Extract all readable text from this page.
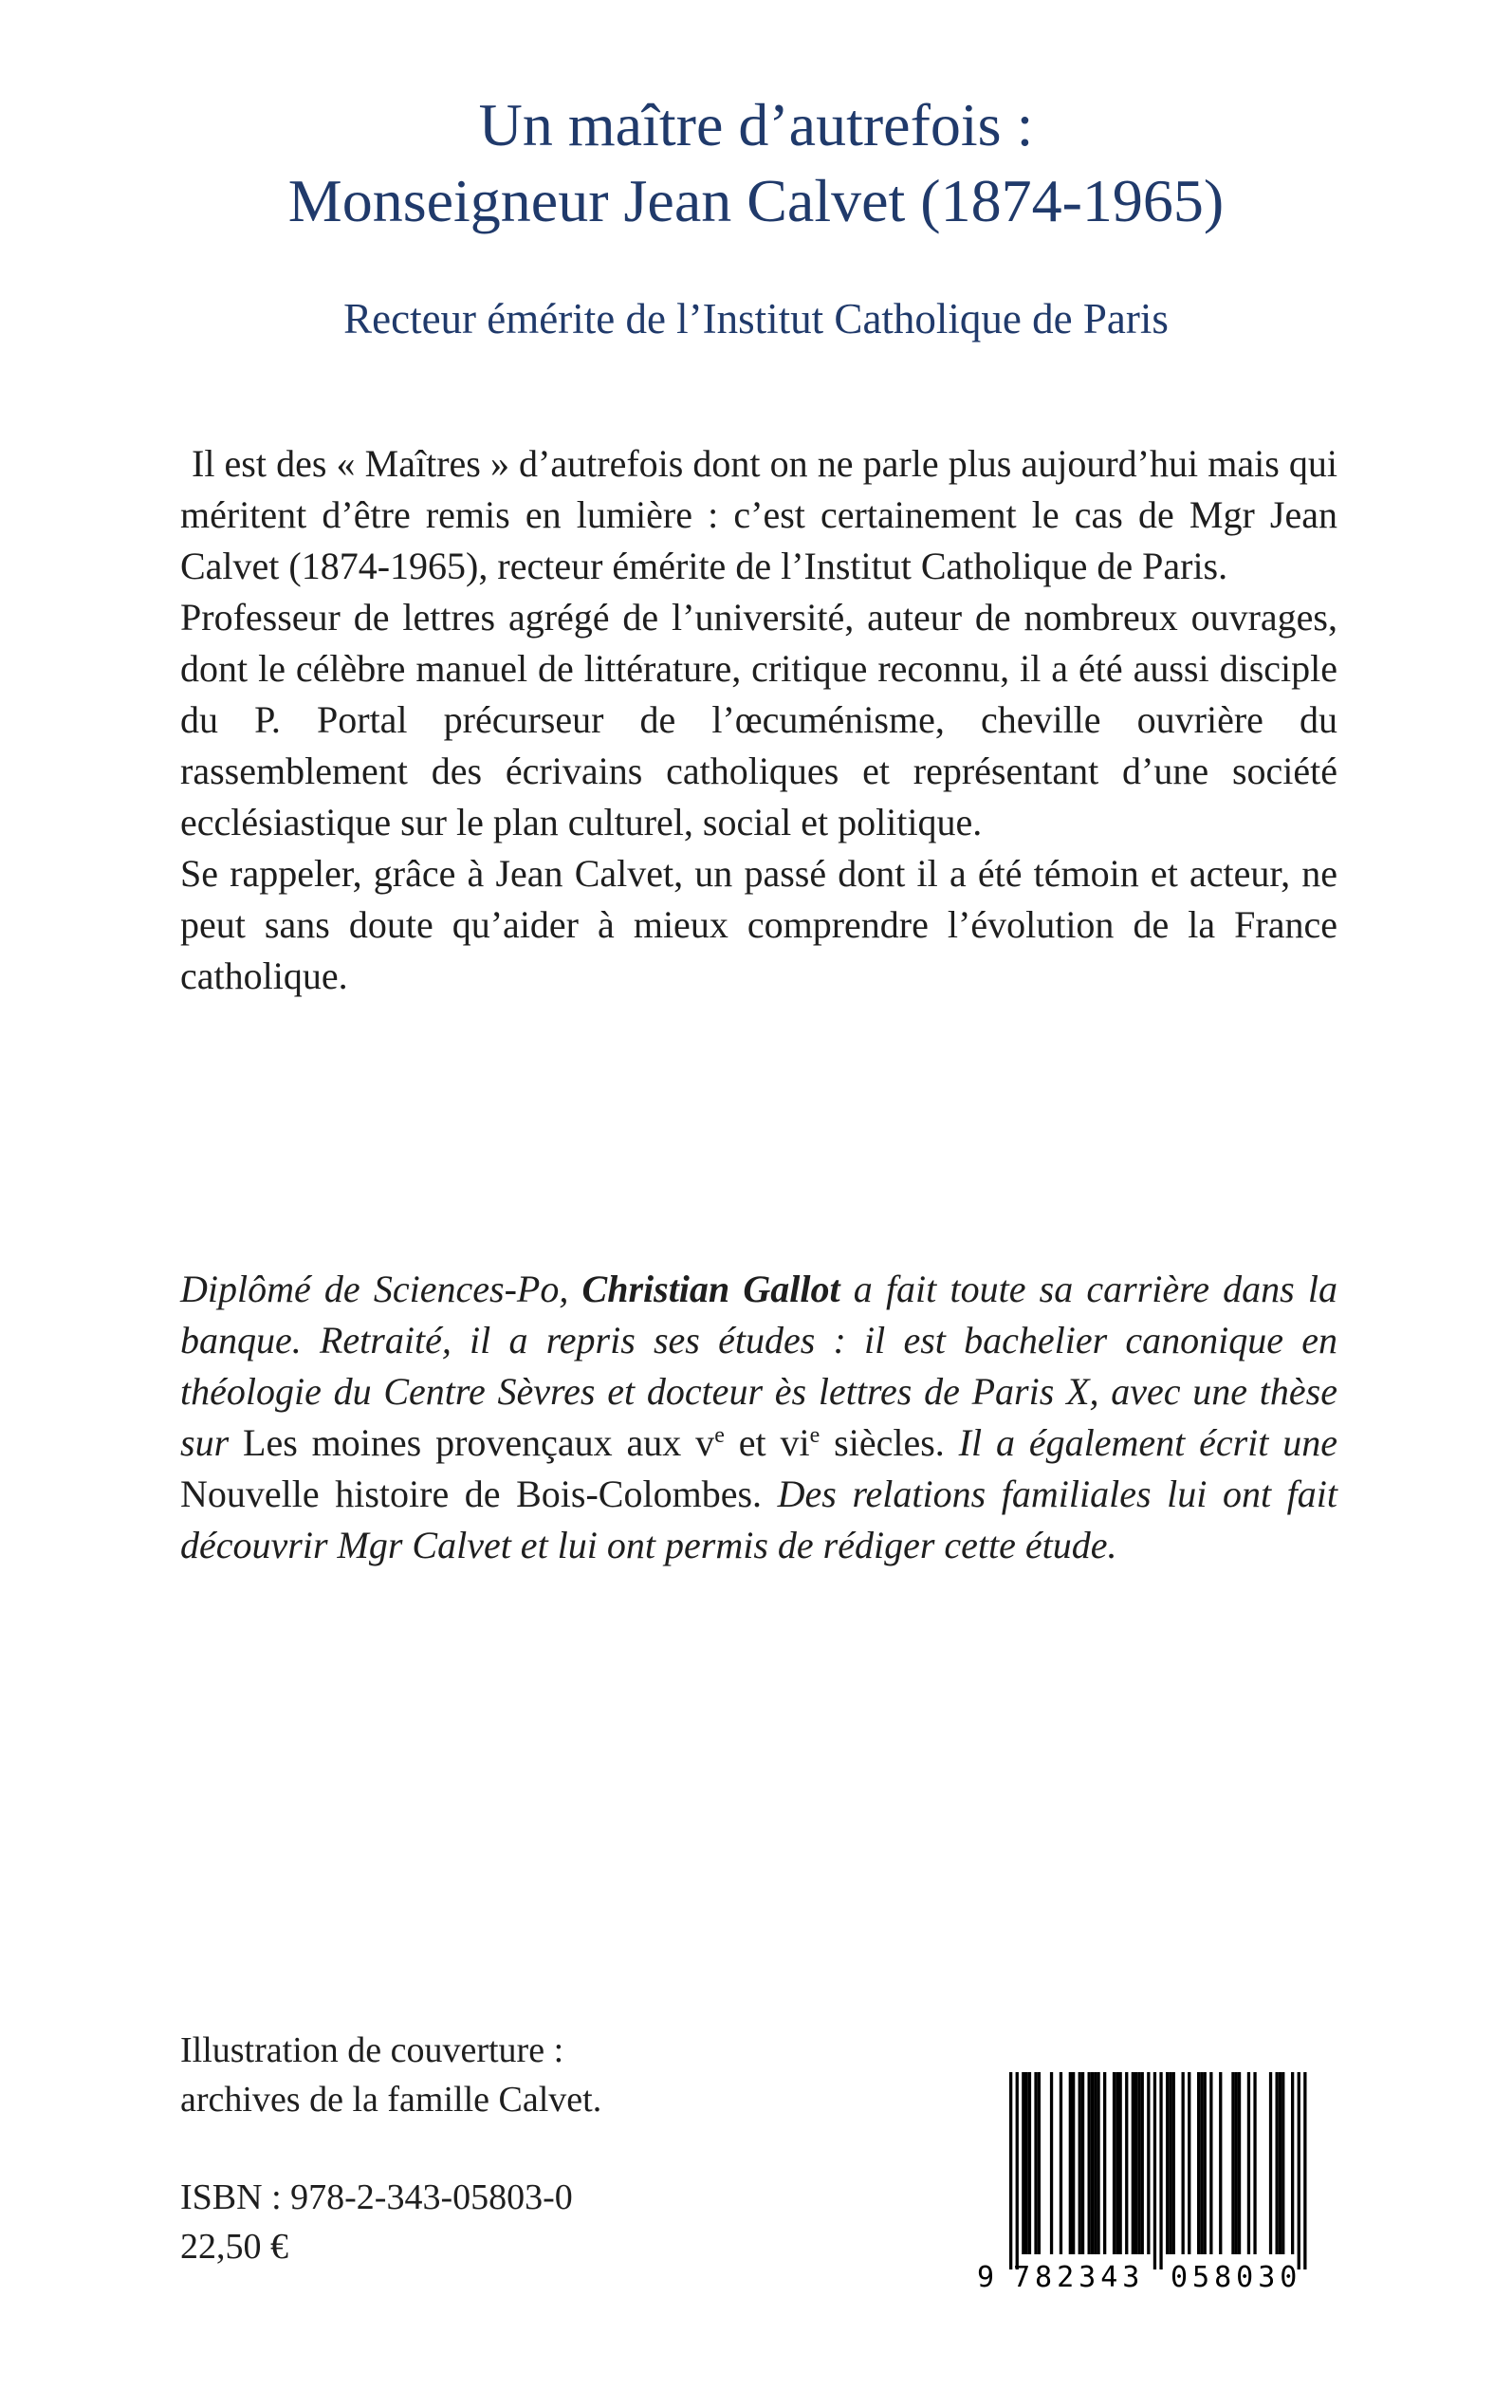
Un maître d’autrefois :
Monseigneur Jean Calvet (1874-1965)
Recteur émérite de l’Institut Catholique de Paris

Il est des « Maîtres » d’autrefois dont on ne parle plus aujourd’hui mais qui méritent d’être remis en lumière : c’est certainement le cas de Mgr Jean Calvet (1874-1965), recteur émérite de l’Institut Catholique de Paris.

Professeur de lettres agrégé de l’université, auteur de nombreux ouvrages, dont le célèbre manuel de littérature, critique reconnu, il a été aussi disciple du P. Portal précurseur de l’œcuménisme, cheville ouvrière du rassemblement des écrivains catholiques et représentant d’une société ecclésiastique sur le plan culturel, social et politique.

Se rappeler, grâce à Jean Calvet, un passé dont il a été témoin et acteur, ne peut sans doute qu’aider à mieux comprendre l’évolution de la France catholique.

Diplômé de Sciences-Po, Christian Gallot a fait toute sa carrière dans la banque. Retraité, il a repris ses études : il est bachelier canonique en théologie du Centre Sèvres et docteur ès lettres de Paris X, avec une thèse sur Les moines provençaux aux $v^e$ et $vi^e$ siècles. Il a également écrit une Nouvelle histoire de Bois-Colombes. Des relations familiales lui ont fait découvrir Mgr Calvet et lui ont permis de rédiger cette étude.

Illustration de couverture :

archives de la famille Calvet.

ISBN : 978-2-343-05803-0

22,50 €

9 782343 058030
